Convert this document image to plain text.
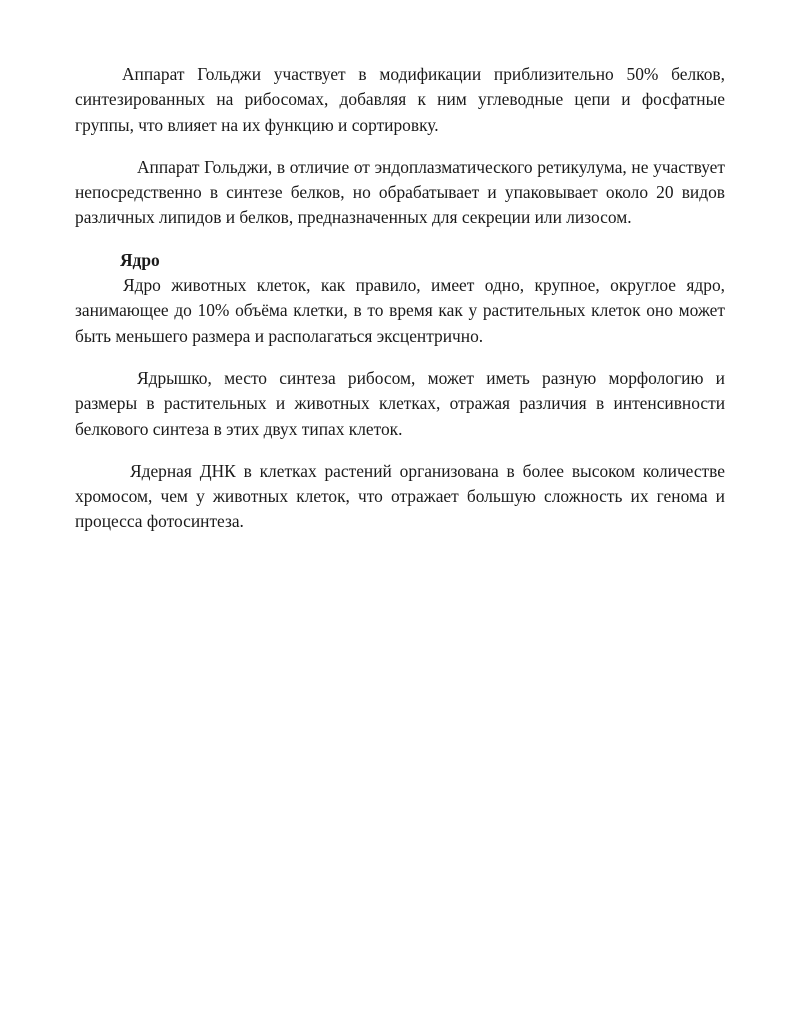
Аппарат Гольджи участвует в модификации приблизительно 50% белков, синтезированных на рибосомах, добавляя к ним углеводные цепи и фосфатные группы, что влияет на их функцию и сортировку.

Аппарат Гольджи, в отличие от эндоплазматического ретикулума, не участвует непосредственно в синтезе белков, но обрабатывает и упаковывает около 20 видов различных липидов и белков, предназначенных для секреции или лизосом.

Ядро

Ядро животных клеток, как правило, имеет одно, крупное, округлое ядро, занимающее до 10% объёма клетки, в то время как у растительных клеток оно может быть меньшего размера и располагаться эксцентрично.

Ядрышко, место синтеза рибосом, может иметь разную морфологию и размеры в растительных и животных клетках, отражая различия в интенсивности белкового синтеза в этих двух типах клеток.

Ядерная ДНК в клетках растений организована в более высоком количестве хромосом, чем у животных клеток, что отражает большую сложность их генома и процесса фотосинтеза.
